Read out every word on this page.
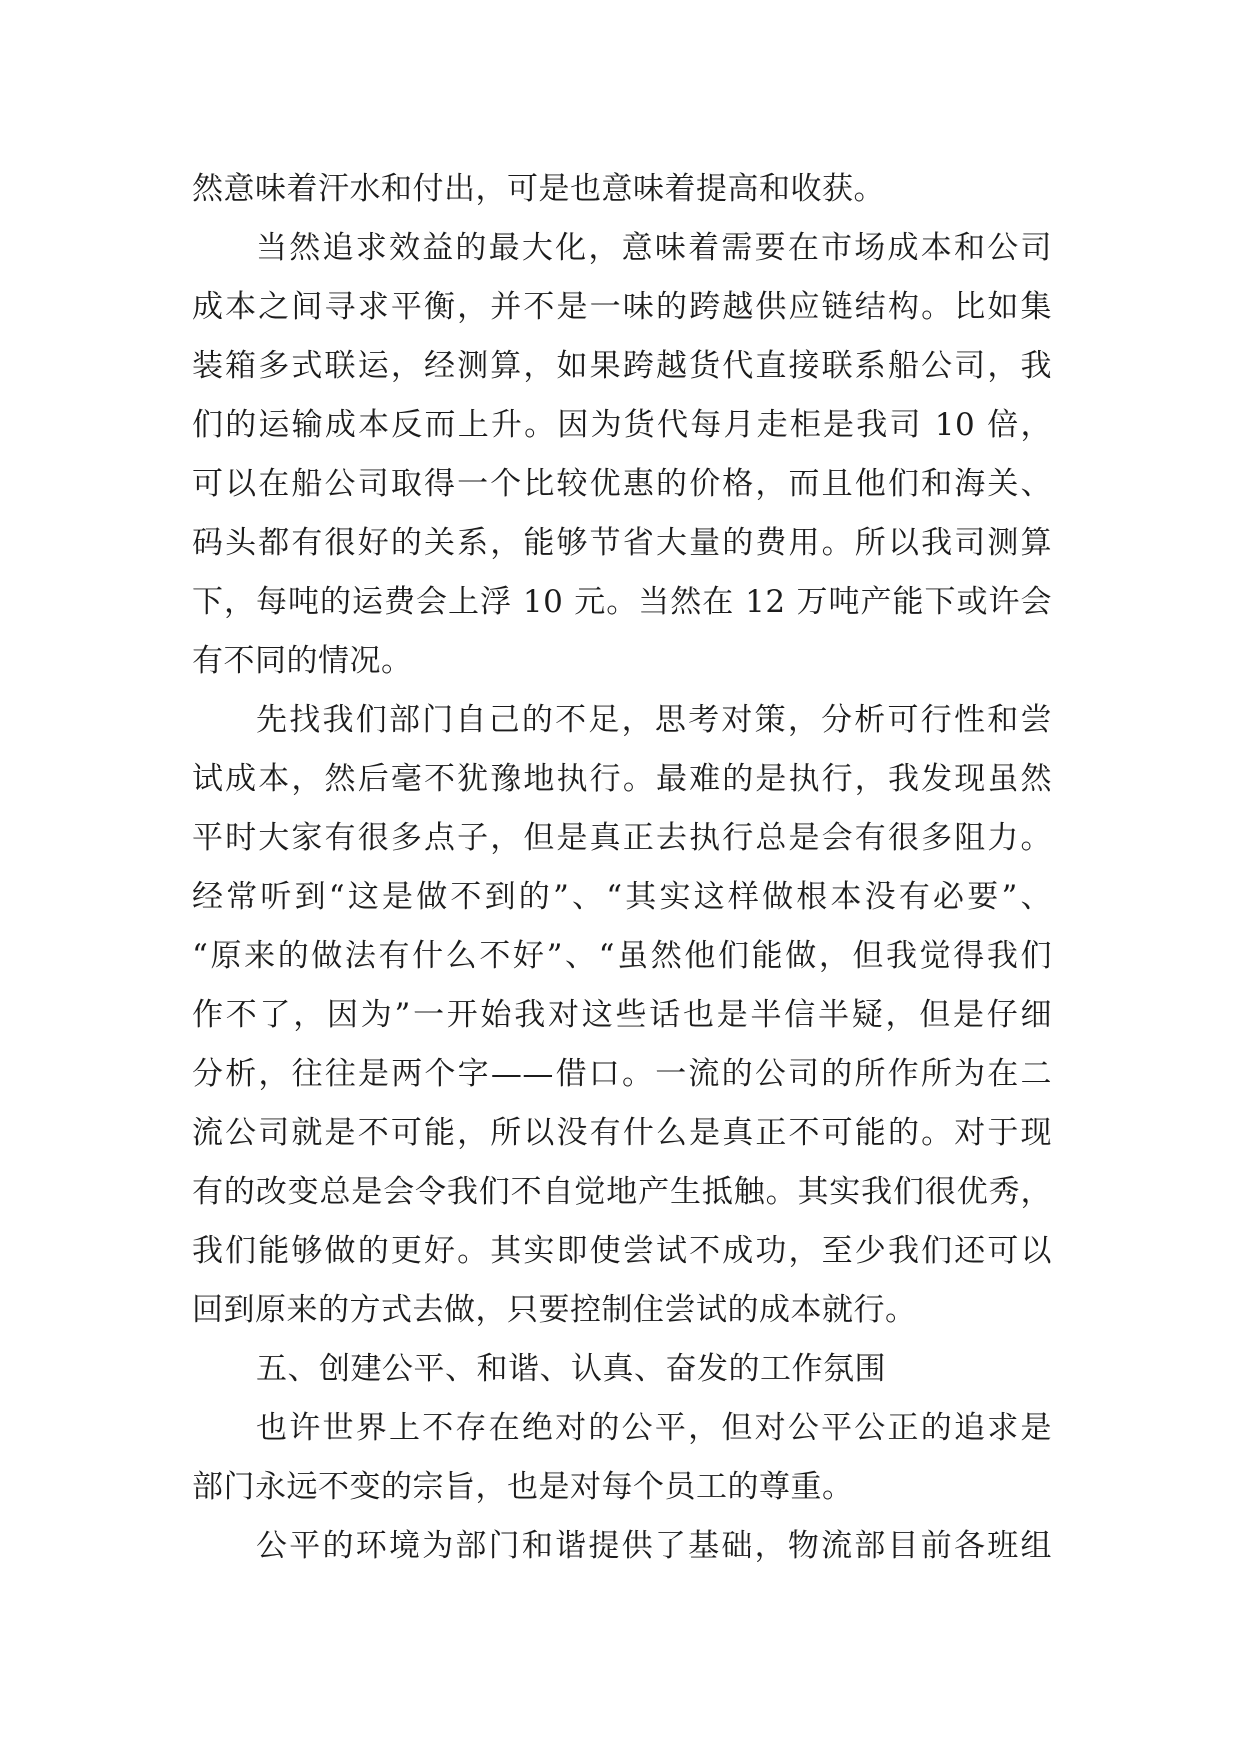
然意味着汗水和付出，可是也意味着提高和收获。
当然追求效益的最大化，意味着需要在市场成本和公司
成本之间寻求平衡，并不是一味的跨越供应链结构。比如集
装箱多式联运，经测算，如果跨越货代直接联系船公司，我
们的运输成本反而上升。因为货代每月走柜是我司 10 倍，
可以在船公司取得一个比较优惠的价格，而且他们和海关、
码头都有很好的关系，能够节省大量的费用。所以我司测算
下，每吨的运费会上浮 10 元。当然在 12 万吨产能下或许会
有不同的情况。
先找我们部门自己的不足，思考对策，分析可行性和尝
试成本，然后毫不犹豫地执行。最难的是执行，我发现虽然
平时大家有很多点子，但是真正去执行总是会有很多阻力。
经常听到“这是做不到的”、“其实这样做根本没有必要”、
“原来的做法有什么不好”、“虽然他们能做，但我觉得我们
作不了，因为”一开始我对这些话也是半信半疑，但是仔细
分析，往往是两个字——借口。一流的公司的所作所为在二
流公司就是不可能，所以没有什么是真正不可能的。对于现
有的改变总是会令我们不自觉地产生抵触。其实我们很优秀，
我们能够做的更好。其实即使尝试不成功，至少我们还可以
回到原来的方式去做，只要控制住尝试的成本就行。
五、创建公平、和谐、认真、奋发的工作氛围
也许世界上不存在绝对的公平，但对公平公正的追求是
部门永远不变的宗旨，也是对每个员工的尊重。
公平的环境为部门和谐提供了基础，物流部目前各班组
